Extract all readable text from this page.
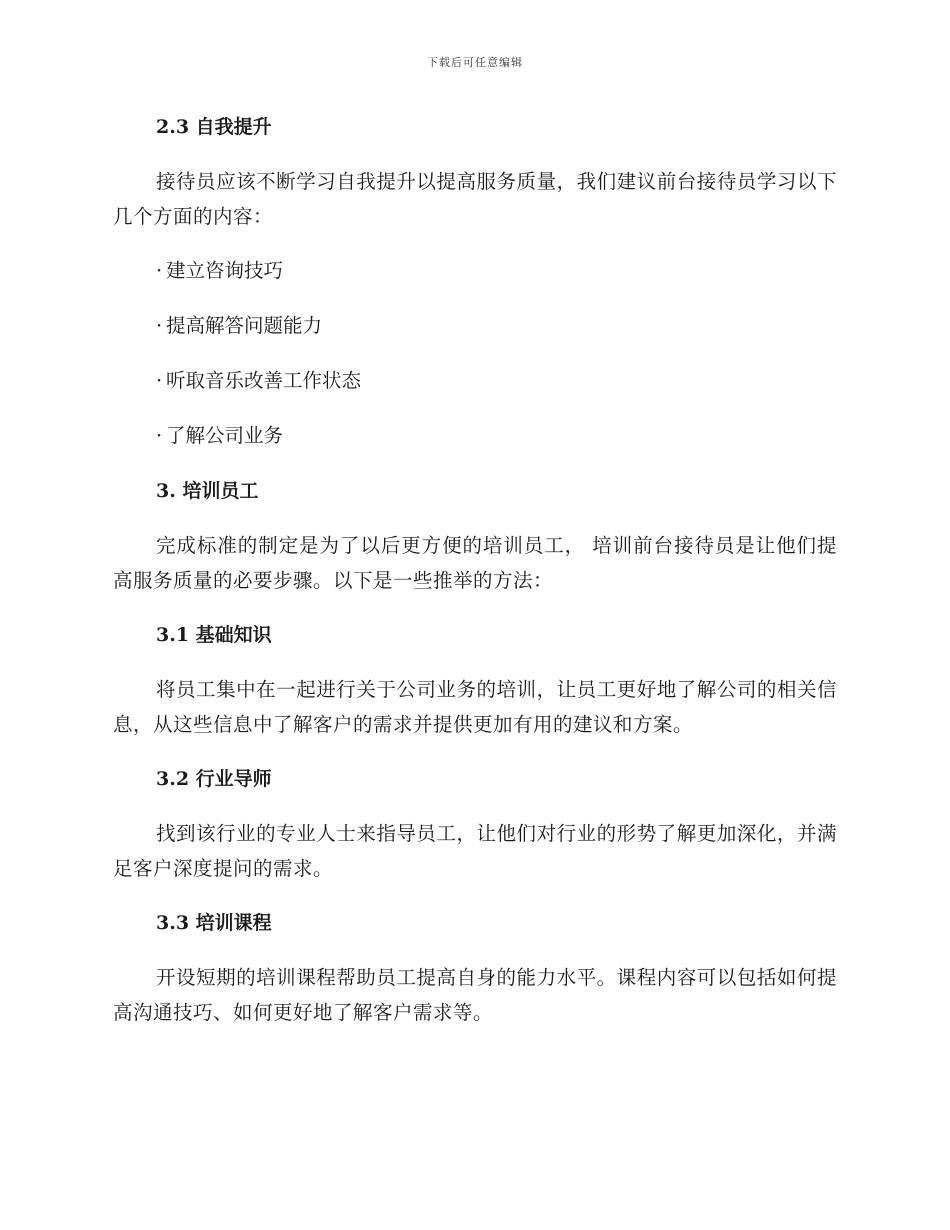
下载后可任意编辑
2.3 自我提升
接待员应该不断学习自我提升以提高服务质量，我们建议前台接待员学习以下几个方面的内容：
· 建立咨询技巧
· 提高解答问题能力
· 听取音乐改善工作状态
· 了解公司业务
3. 培训员工
完成标准的制定是为了以后更方便的培训员工， 培训前台接待员是让他们提高服务质量的必要步骤。以下是一些推举的方法：
3.1 基础知识
将员工集中在一起进行关于公司业务的培训，让员工更好地了解公司的相关信息，从这些信息中了解客户的需求并提供更加有用的建议和方案。
3.2 行业导师
找到该行业的专业人士来指导员工，让他们对行业的形势了解更加深化，并满足客户深度提问的需求。
3.3 培训课程
开设短期的培训课程帮助员工提高自身的能力水平。课程内容可以包括如何提高沟通技巧、如何更好地了解客户需求等。
